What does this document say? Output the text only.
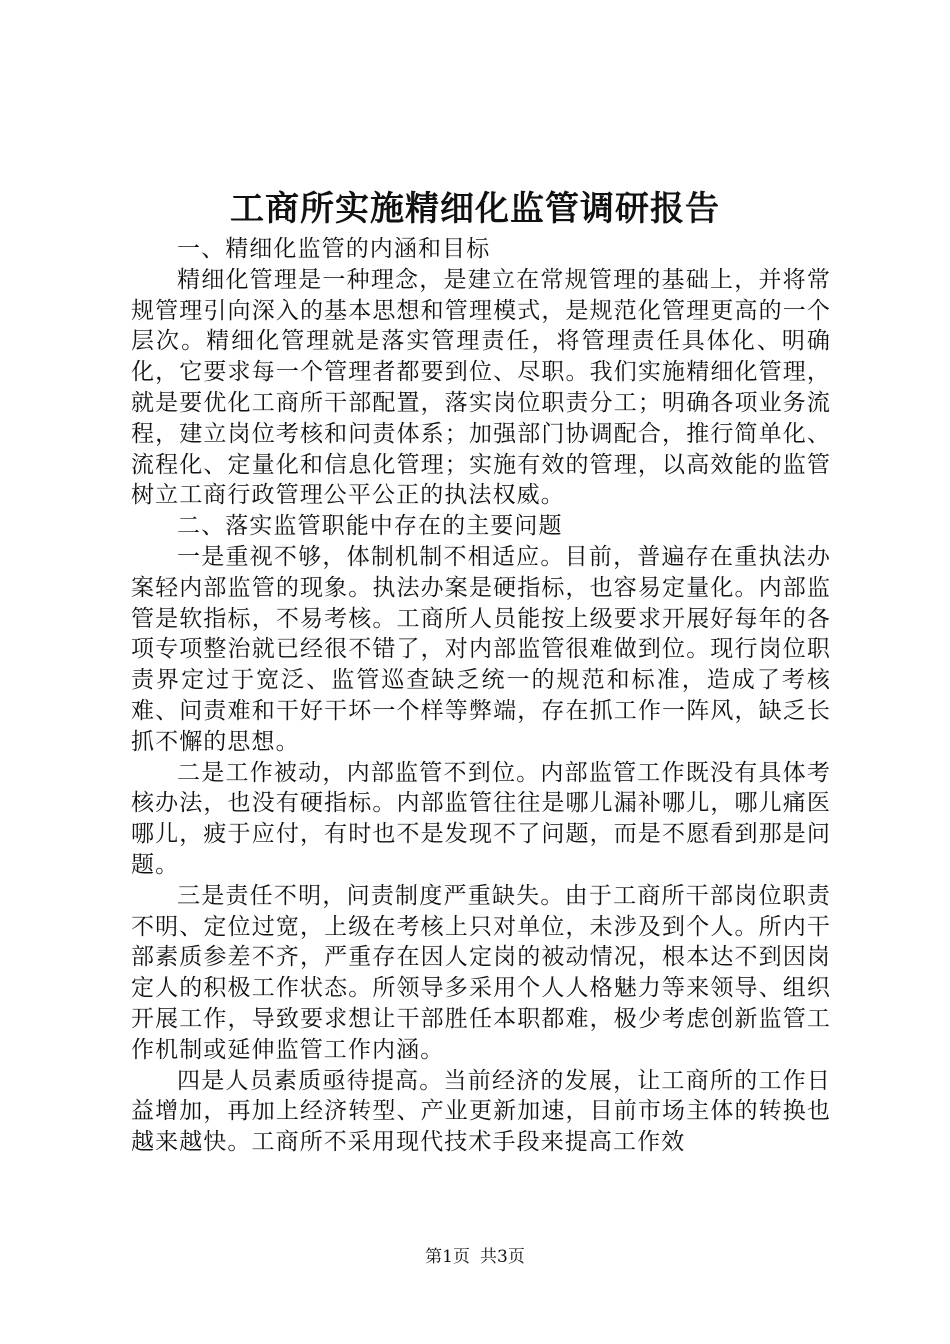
工商所实施精细化监管调研报告

一、精细化监管的内涵和目标

精细化管理是一种理念，是建立在常规管理的基础上，并将常规管理引向深入的基本思想和管理模式，是规范化管理更高的一个层次。精细化管理就是落实管理责任，将管理责任具体化、明确化，它要求每一个管理者都要到位、尽职。我们实施精细化管理，就是要优化工商所干部配置，落实岗位职责分工；明确各项业务流程，建立岗位考核和问责体系；加强部门协调配合，推行简单化、流程化、定量化和信息化管理；实施有效的管理，以高效能的监管树立工商行政管理公平公正的执法权威。

二、落实监管职能中存在的主要问题

一是重视不够，体制机制不相适应。目前，普遍存在重执法办案轻内部监管的现象。执法办案是硬指标，也容易定量化。内部监管是软指标，不易考核。工商所人员能按上级要求开展好每年的各项专项整治就已经很不错了，对内部监管很难做到位。现行岗位职责界定过于宽泛、监管巡查缺乏统一的规范和标准，造成了考核难、问责难和干好干坏一个样等弊端，存在抓工作一阵风，缺乏长抓不懈的思想。

二是工作被动，内部监管不到位。内部监管工作既没有具体考核办法，也没有硬指标。内部监管往往是哪儿漏补哪儿，哪儿痛医哪儿，疲于应付，有时也不是发现不了问题，而是不愿看到那是问题。

三是责任不明，问责制度严重缺失。由于工商所干部岗位职责不明、定位过宽，上级在考核上只对单位，未涉及到个人。所内干部素质参差不齐，严重存在因人定岗的被动情况，根本达不到因岗定人的积极工作状态。所领导多采用个人人格魅力等来领导、组织开展工作，导致要求想让干部胜任本职都难，极少考虑创新监管工作机制或延伸监管工作内涵。

四是人员素质亟待提高。当前经济的发展，让工商所的工作日益增加，再加上经济转型、产业更新加速，目前市场主体的转换也越来越快。工商所不采用现代技术手段来提高工作效

第1页 共3页
